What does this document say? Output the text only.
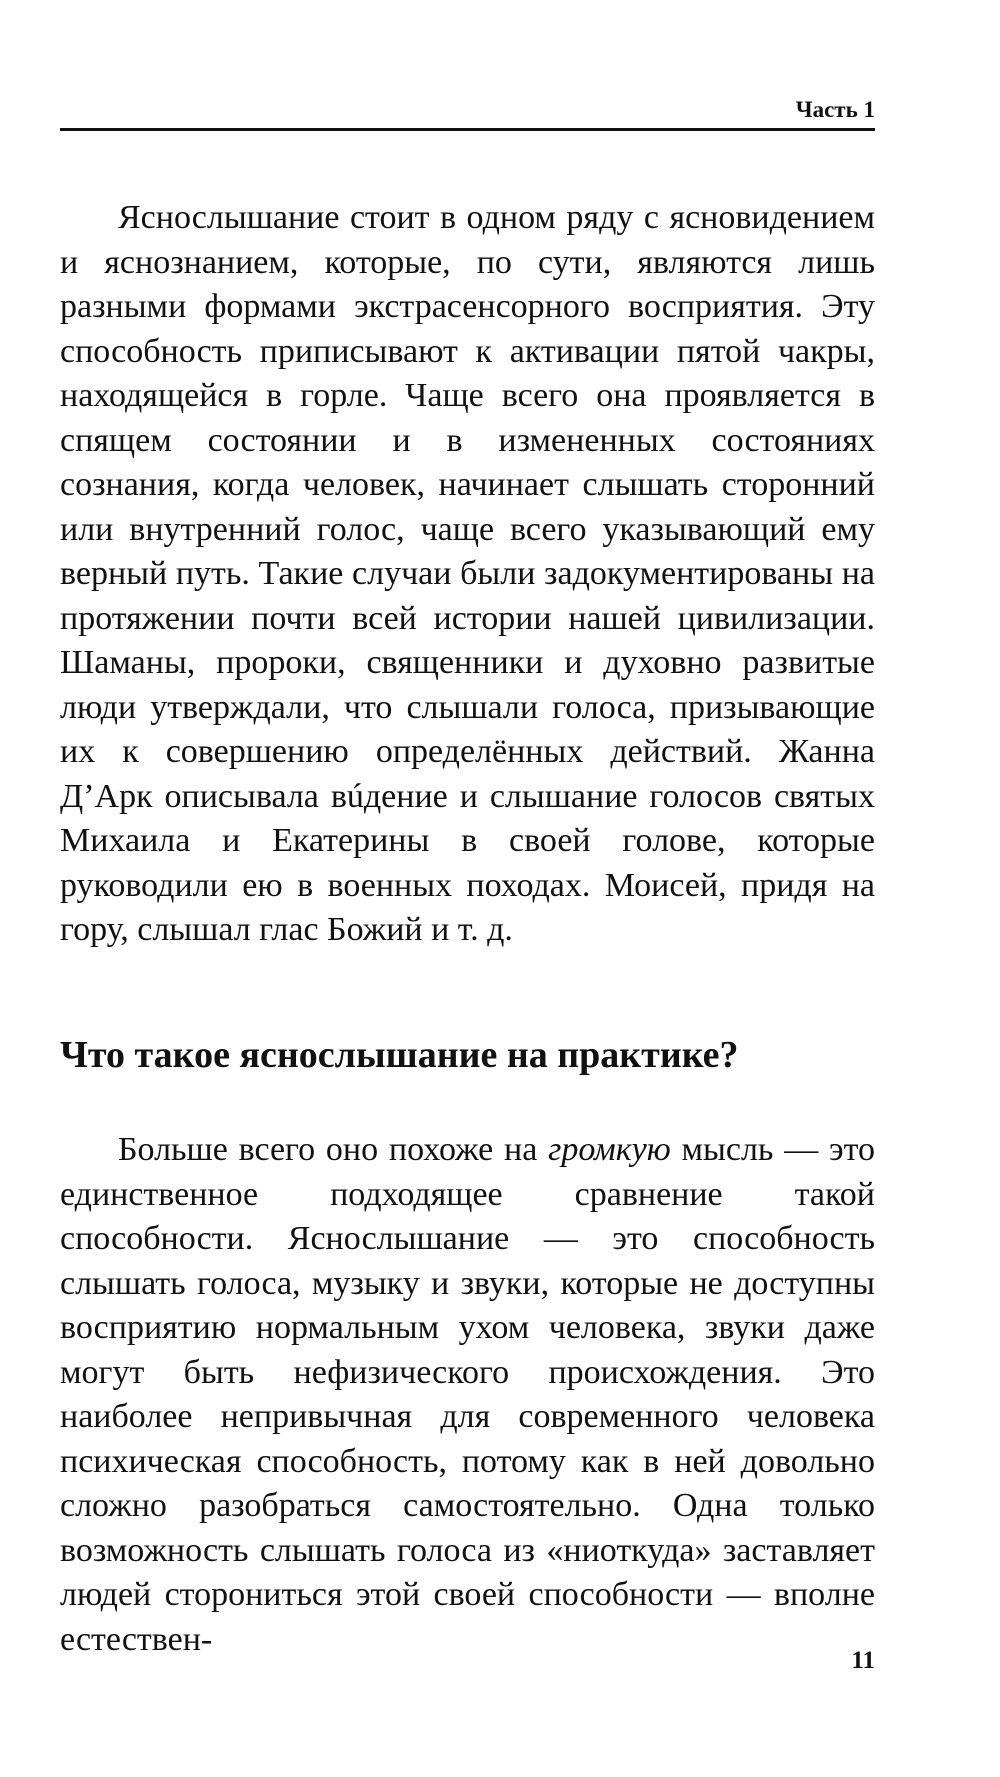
Часть 1

Яснослышание стоит в одном ряду с ясновидением и яснознанием, которые, по сути, являются лишь разными формами экстрасенсорного восприятия. Эту способность приписывают к активации пятой чакры, находящейся в горле. Чаще всего она проявляется в спящем состоянии и в измененных состояниях сознания, когда человек, начинает слышать сторонний или внутренний голос, чаще всего указывающий ему верный путь. Такие случаи были задокументированы на протяжении почти всей истории нашей цивилизации. Шаманы, пророки, священники и духовно развитые люди утверждали, что слышали голоса, призывающие их к совершению определённых действий. Жанна Д’Арк описывала вúдение и слышание голосов святых Михаила и Екатерины в своей голове, которые руководили ею в военных походах. Моисей, придя на гору, слышал глас Божий и т. д.

Что такое яснослышание на практике?

Больше всего оно похоже на громкую мысль — это единственное подходящее сравнение такой способности. Яснослышание — это способность слышать голоса, музыку и звуки, которые не доступны восприятию нормальным ухом человека, звуки даже могут быть нефизического происхождения. Это наиболее непривычная для современного человека психическая способность, потому как в ней довольно сложно разобраться самостоятельно. Одна только возможность слышать голоса из «ниоткуда» заставляет людей сторониться этой своей способности — вполне естествен-

11
